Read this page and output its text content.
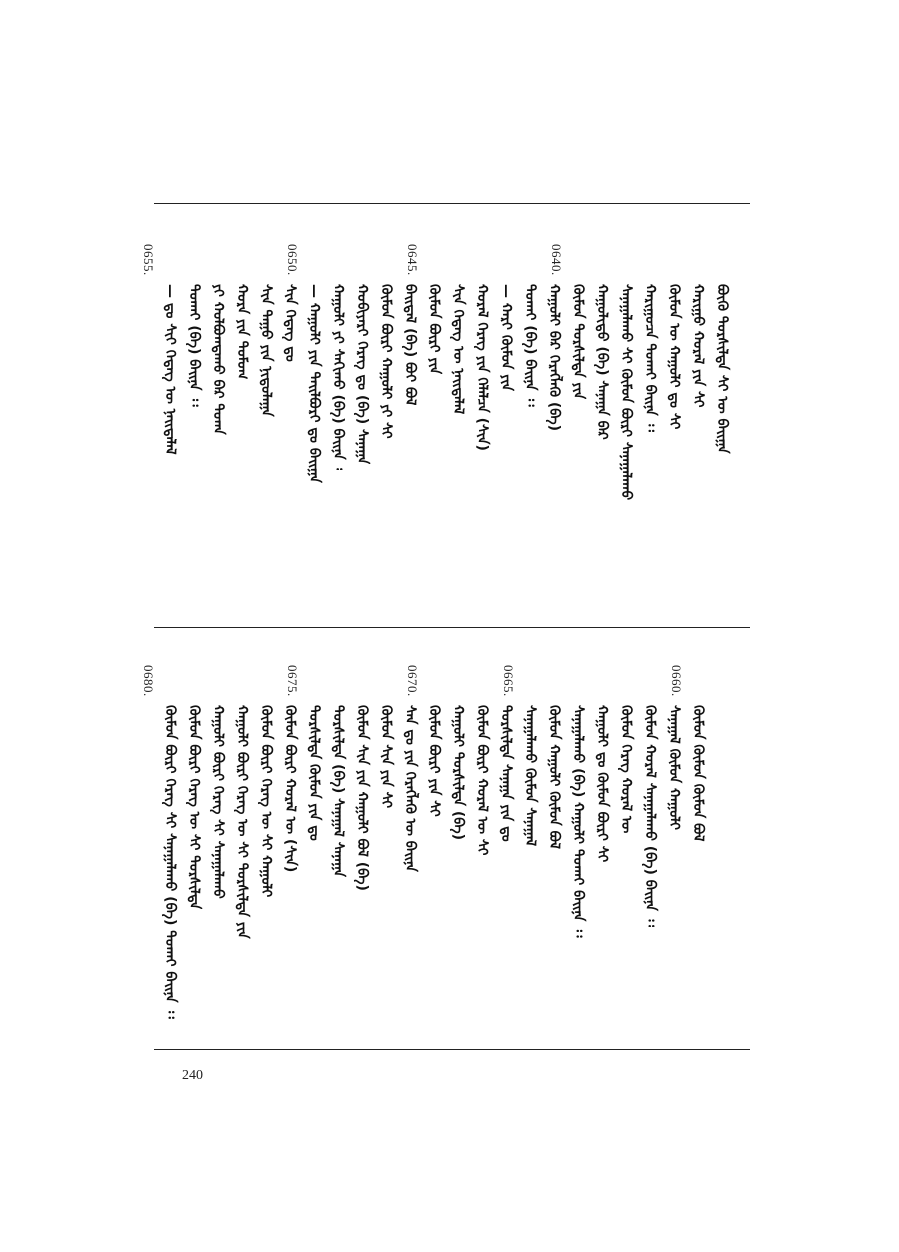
0655.
— ᠳᠤ ᠰᠢᠢ ᠭᠡᠳᠡᠭ ᠦ ᠨᠡᠢᠲᠡᠯᠡᠯ ᠲᠤᠬᠠᠢ (ᠪᠡ) ᠪᠠᠢᠨᠠ ᠄᠄ ᠶᠢ ᠬᠤᠯᠪᠤᠭᠳᠠᠬᠤ ᠪᠠᠷ ᠲᠤᠬᠠ ᠬᠤᠷᠠ ᠶᠢᠨ ᠳᠤᠮᠤᠭ ᠰᠢᠨ ᠳᠠᠭᠤ ᠶᠢᠨ ᠨᠢᠲᠤᠯᠠᠭᠠ ᠰᠢᠨ ᠭᠡᠳᠡᠭ ᠳᠤ
0650.
— ᠬᠠᠭᠤᠯᠢ ᠶᠢᠨ ᠲᠠᠢᠯᠪᠤᠷᠢ ᠳᠤ ᠪᠠᠢᠭᠠ ᠬᠠᠭᠤᠯᠢ ᠶᠢ ᠰᠠᠬᠢᠬᠤ (ᠪᠡ) ᠪᠠᠢᠨᠠ ᠄ ᠬᠤᠪᠢᠶᠠᠷᠢ ᠬᠡᠷᠡᠭ ᠳᠤ (ᠪᠡ) ᠰᠠᠨᠠᠭᠠ ᠬᠦᠮᠦᠨ ᠪᠦᠷᠢ ᠬᠠᠭᠤᠯᠢ ᠶᠢ ᠰᠢ ᠪᠠᠢᠳᠠᠯ (ᠪᠡ) ᠪᠤᠢ ᠪᠤᠯ
0645.
ᠬᠦᠮᠦᠨ ᠪᠦᠷᠢ ᠶᠢᠨ ᠰᠢᠨ ᠭᠡᠳᠡᠭ ᠦ ᠨᠡᠢᠲᠡᠯᠡᠯ ᠬᠤᠷᠠᠯ ᠬᠡᠷᠡᠭ ᠶᠢᠨ ᠬᠡᠯᠡᠯᠴᠡ (ᠰᠢᠨ) — ᠬᠠᠷᠢ ᠬᠦᠮᠦᠨ ᠶᠢᠨ ᠲᠤᠬᠠᠢ (ᠪᠡ) ᠪᠠᠢᠨᠠ ᠄᠄ ᠬᠠᠭᠤᠯᠢ ᠪᠠᠷ ᠬᠡᠷᠡᠭᠯᠡᠬᠦ (ᠪᠡ)
0640.
ᠬᠦᠮᠦᠨ ᠲᠤᠷᠰᠢᠯᠲᠠ ᠶᠢᠨ ᠬᠠᠭᠤᠯᠢᠳᠤ (ᠪᠡ) ᠰᠠᠨᠠᠭᠠ ᠪᠠᠷ ᠰᠠᠨᠠᠭᠠᠯᠠᠬᠤ ᠰᠢ ᠬᠦᠮᠦᠨ ᠪᠦᠷᠢ ᠰᠠᠨᠠᠭᠠᠯᠠᠬᠤ ᠬᠠᠷᠢᠭᠤᠴᠠ ᠲᠤᠬᠠᠢ ᠪᠠᠢᠨᠠ ᠄᠄ ᠬᠦᠮᠦᠨ ᠦ ᠬᠠᠭᠤᠯᠢ ᠳᠤ ᠰᠢ ᠬᠠᠷᠢᠭᠤ ᠬᠤᠷᠠᠯ ᠶᠢᠨ ᠰᠢ ᠪᠦᠬᠦ ᠲᠤᠷᠰᠢᠯᠲᠠ ᠰᠢ ᠦ ᠪᠠᠢᠭᠠ
0680.
ᠬᠦᠮᠦᠨ ᠪᠦᠷᠢ ᠬᠡᠷᠡᠭ ᠰᠢ ᠰᠠᠨᠠᠭᠠᠯᠠᠬᠤ (ᠪᠡ) ᠲᠤᠬᠠᠢ ᠪᠠᠢᠨᠠ ᠄᠄ ᠬᠦᠮᠦᠨ ᠪᠦᠷᠢ ᠬᠡᠷᠡᠭ ᠦ ᠰᠢ ᠲᠤᠷᠰᠢᠯᠲᠠ ᠬᠠᠭᠤᠯᠢ ᠪᠦᠷᠢ ᠬᠡᠷᠡᠭ ᠰᠢ ᠰᠠᠨᠠᠭᠠᠯᠠᠬᠤ ᠬᠠᠭᠤᠯᠢ ᠪᠦᠷᠢ ᠬᠡᠷᠡᠭ ᠦ ᠰᠢ ᠲᠤᠷᠰᠢᠯᠲᠠ ᠶᠢᠨ ᠬᠦᠮᠦᠨ ᠪᠦᠷᠢ ᠬᠡᠷᠡᠭ ᠦ ᠰᠢ ᠬᠠᠭᠤᠯᠢ ᠬᠦᠮᠦᠨ ᠪᠦᠷᠢ ᠬᠤᠷᠠᠯ ᠦ (ᠰᠢᠨ)
0675.
ᠲᠤᠷᠰᠢᠯᠲᠠ ᠬᠦᠮᠦᠨ ᠶᠢᠨ ᠳᠤ ᠲᠤᠷᠰᠢᠯᠲᠠ (ᠪᠡ) ᠰᠠᠨᠠᠭᠠᠯ ᠰᠠᠨᠠᠭᠠ ᠬᠦᠮᠦᠨ ᠰᠢᠨ ᠶᠢᠨ ᠬᠠᠭᠤᠯᠢ ᠪᠤᠯ (ᠪᠡ) ᠬᠦᠮᠦᠨ ᠰᠢᠨ ᠶᠢᠨ ᠰᠢ ᠰᠠᠨ ᠳᠤ ᠶᠢᠨ ᠬᠡᠷᠡᠭᠯᠡᠬᠦ ᠦ ᠪᠠᠢᠨᠠ
0670.
ᠬᠦᠮᠦᠨ ᠪᠦᠷᠢ ᠶᠢᠨ ᠰᠢ ᠬᠠᠭᠤᠯᠢ ᠲᠤᠷᠰᠢᠯᠲᠠ (ᠪᠡ) ᠬᠦᠮᠦᠨ ᠪᠦᠷᠢ ᠬᠤᠷᠠᠯ ᠦ ᠰᠢ ᠲᠤᠷᠰᠢᠯᠲᠠ ᠰᠠᠨᠠᠭᠠ ᠶᠢᠨ ᠳᠤ
0665.
ᠰᠠᠨᠠᠭᠠᠯᠠᠬᠤ ᠬᠦᠮᠦᠨ ᠰᠠᠨᠠᠭᠠᠯ ᠬᠦᠮᠦᠨ ᠬᠠᠭᠤᠯᠢ ᠬᠦᠮᠦᠨ ᠪᠤᠯ ᠰᠠᠨᠠᠭᠠᠯᠠᠬᠤ (ᠪᠡ) ᠬᠠᠭᠤᠯᠢ ᠲᠤᠬᠠᠢ ᠪᠠᠢᠨᠠ ᠄᠄ ᠬᠠᠭᠤᠯᠢ ᠳᠤ ᠬᠦᠮᠦᠨ ᠪᠦᠷᠢ ᠰᠢ ᠬᠦᠮᠦᠨ ᠬᠡᠷᠡᠭ ᠬᠤᠷᠠᠯ ᠦ ᠬᠦᠮᠦᠨ ᠬᠤᠷᠠᠯ ᠰᠠᠨᠠᠭᠠᠯᠠᠬᠤ (ᠪᠡ) ᠪᠠᠢᠨᠠ ᠄᠄ ᠰᠠᠨᠠᠭᠠᠯ ᠬᠦᠮᠦᠨ ᠬᠠᠭᠤᠯᠢ
0660.
ᠬᠦᠮᠦᠨ ᠬᠦᠮᠦᠨ ᠬᠦᠮᠦᠨ ᠪᠤᠯ
240
